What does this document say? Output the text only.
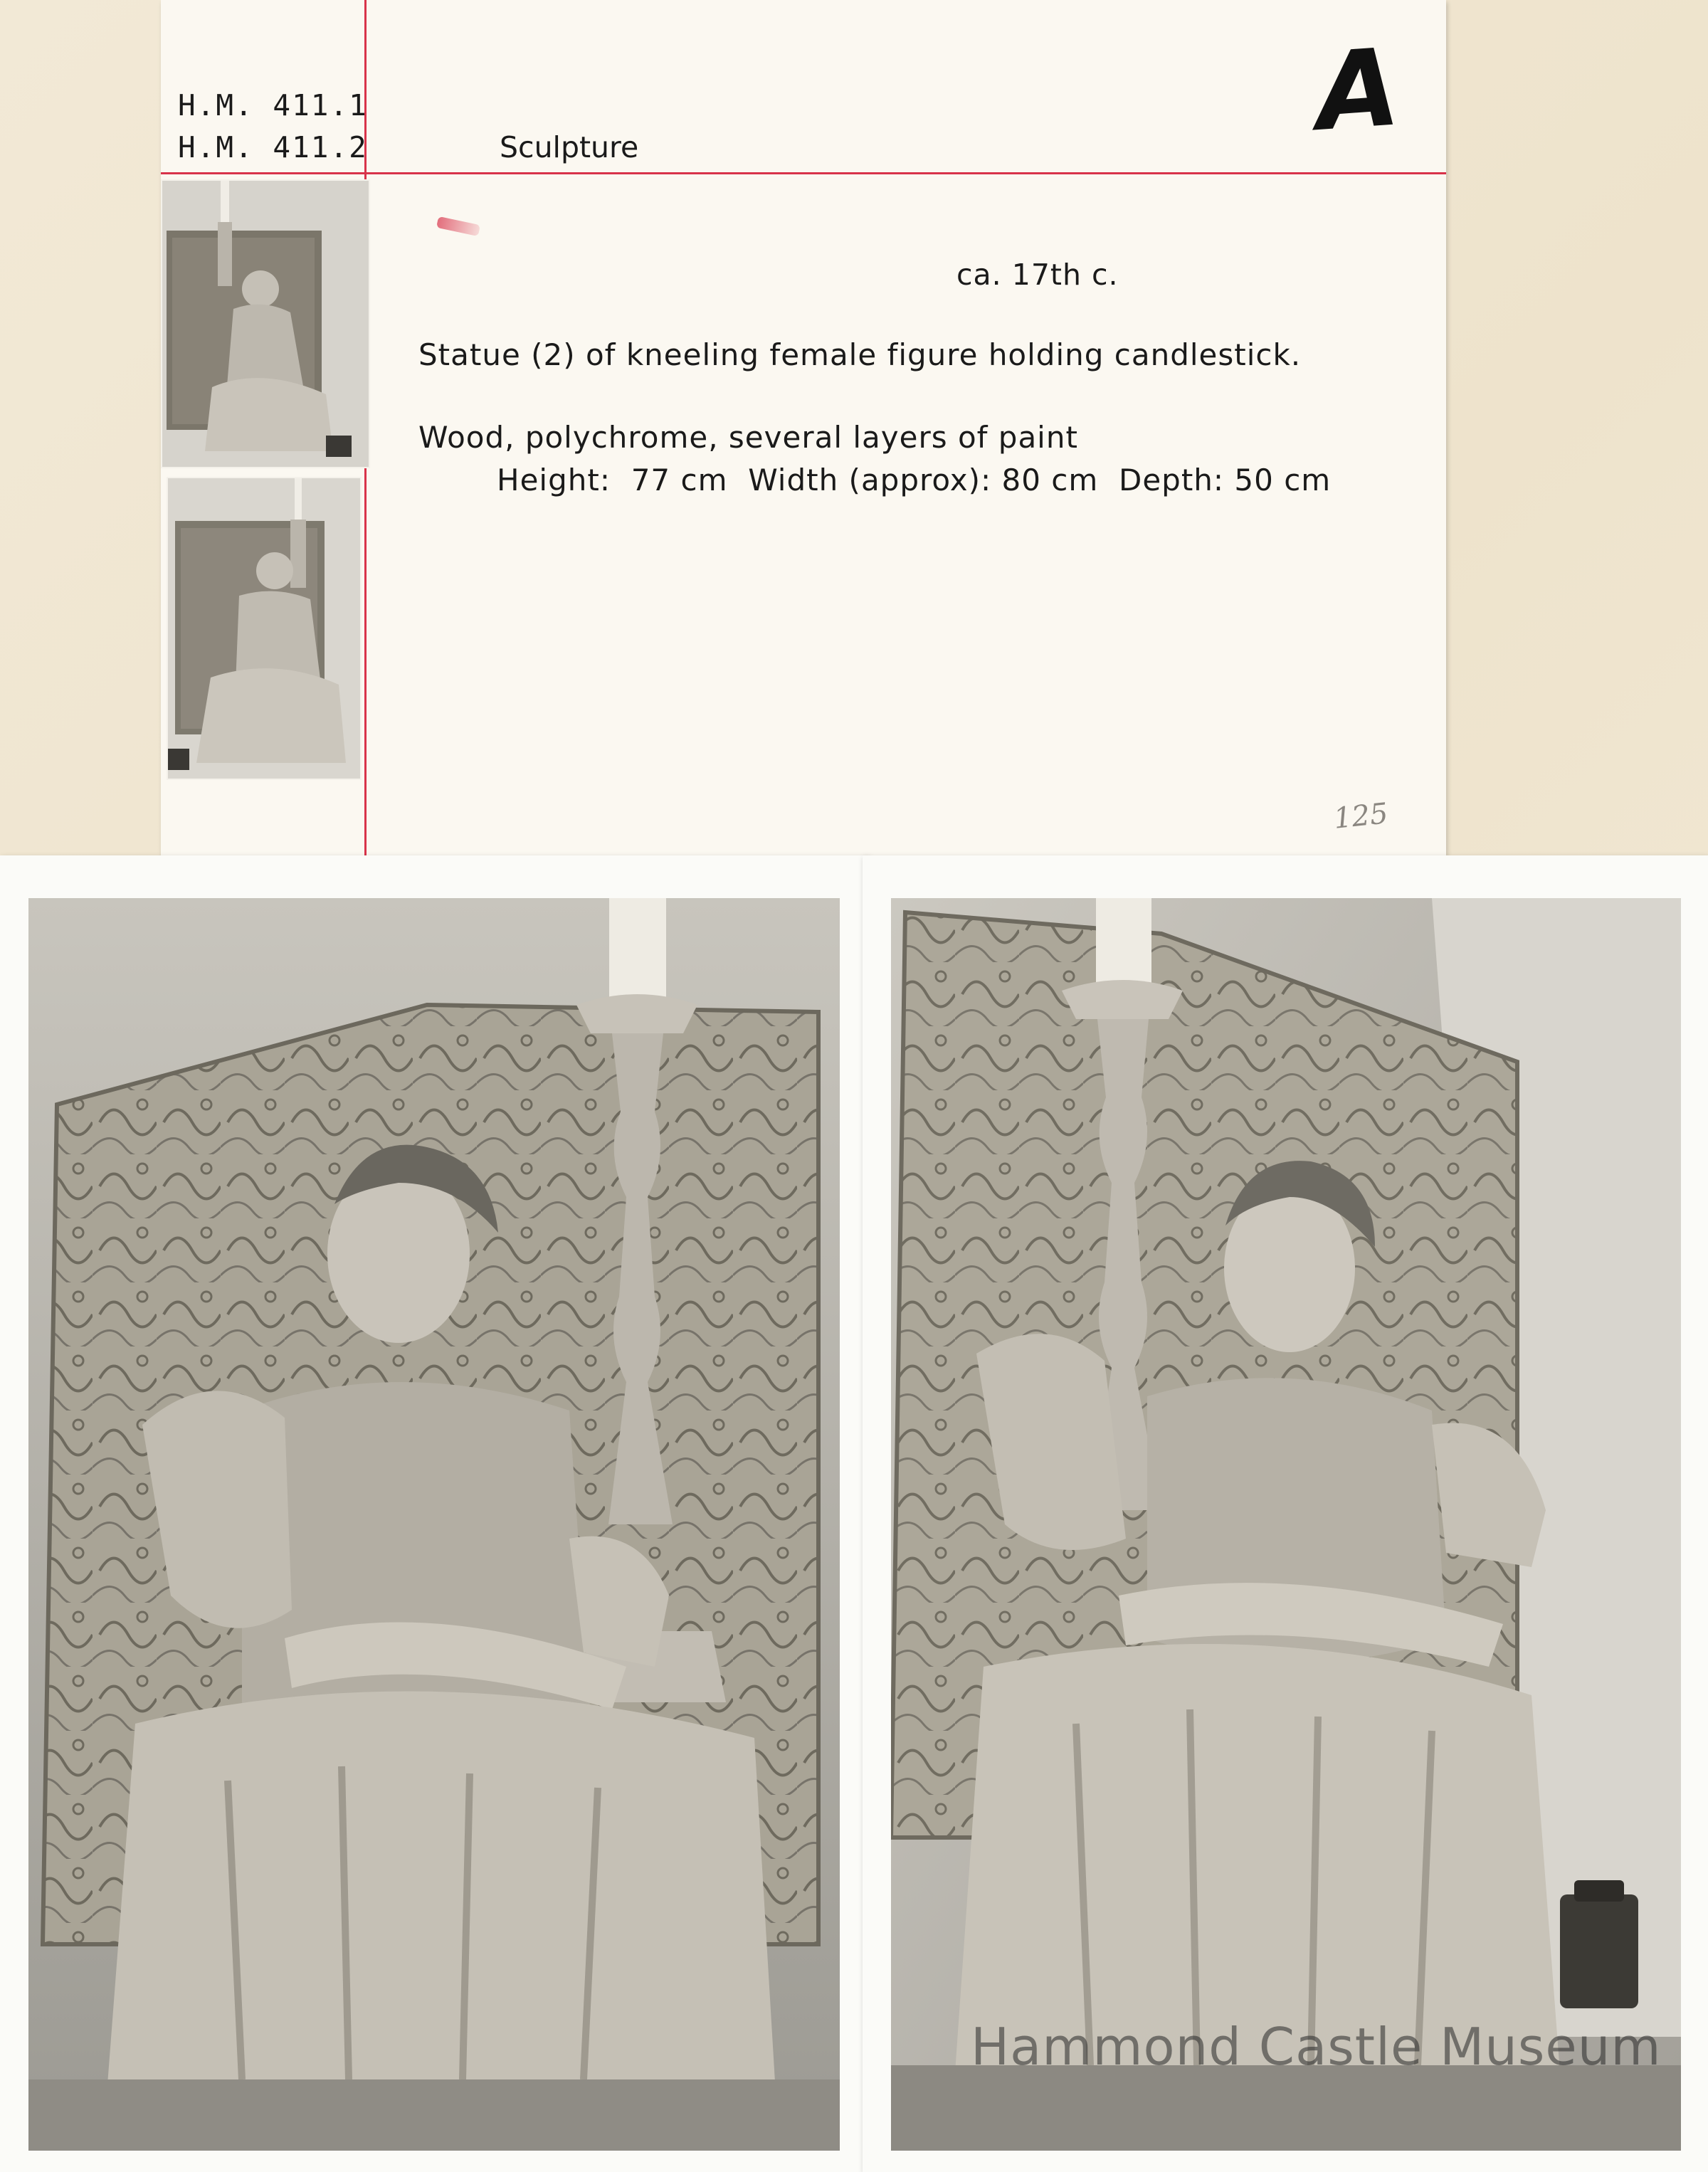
H.M. 411.1
H.M. 411.2	Sculpture	A
ca. 17th c.
Statue (2) of kneeling female figure holding candlestick.
Wood, polychrome, several layers of paint
Height:  77 cm  Width (approx): 80 cm  Depth: 50 cm
125
Hammond Castle Museum
